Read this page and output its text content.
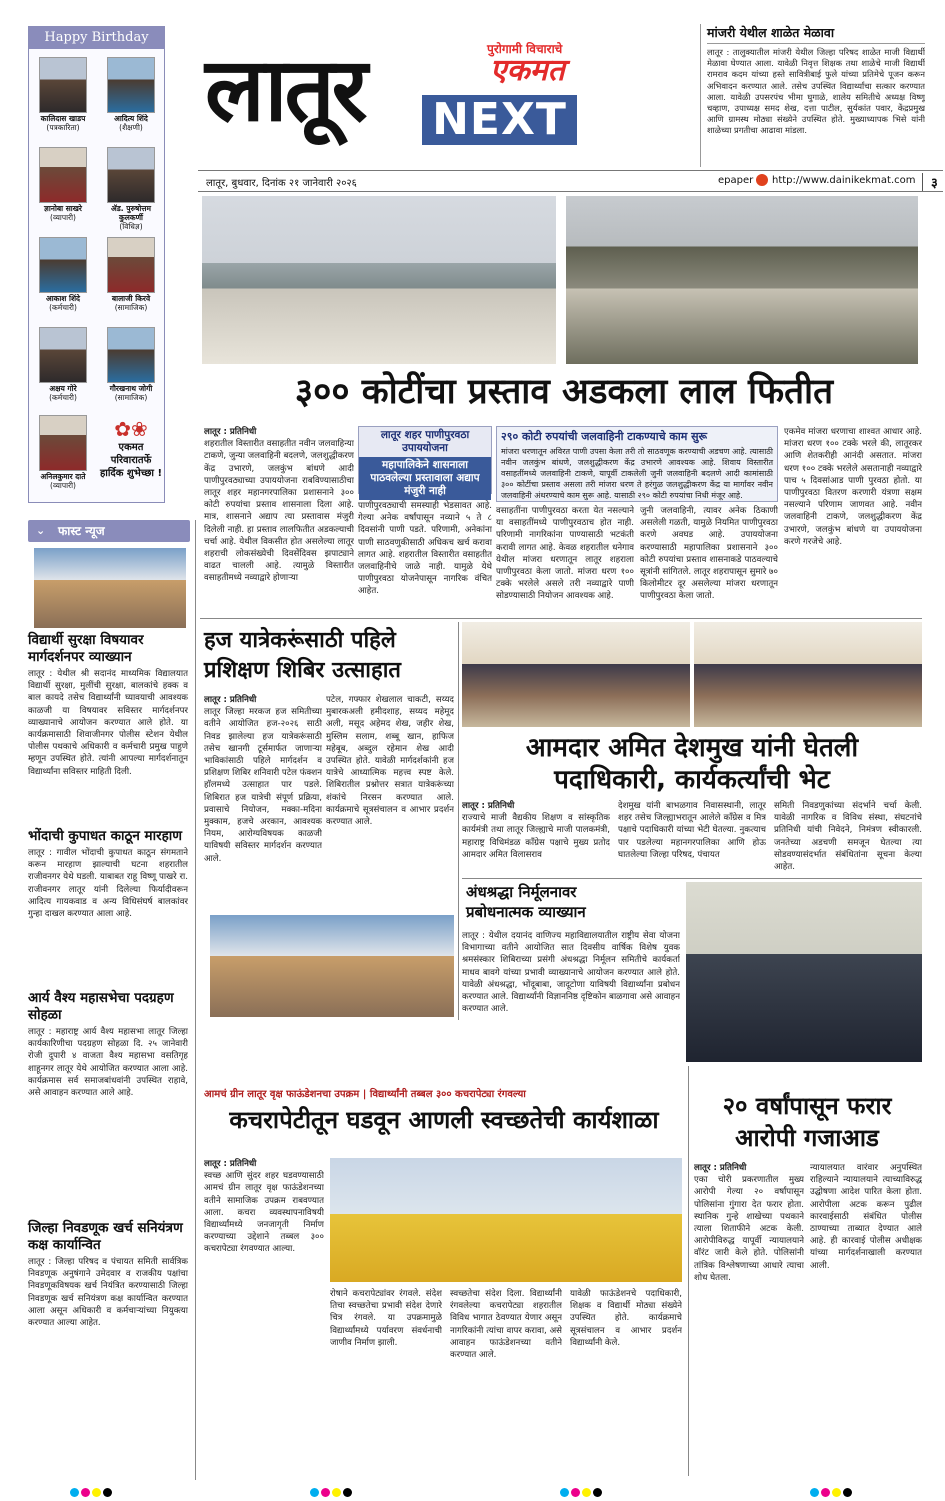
Happy Birthday
कालिदास खाडप
(पत्रकारिता)
आदित्य शिंदे
(शैक्षणी)
ज्ञानोबा साखरे
(व्यापारी)
ॲड. पुरुषोत्तम कुलकर्णी
(विधिज्ञ)
आकाश शिंदे
(कर्मचारी)
बालाजी किरवे
(सामाजिक)
अक्षय गोरे
(कर्मचारी)
गौरखनाथ जोगी
(सामाजिक)
अनिलकुमार दाते
(व्यापारी)
✿❀
एकमत
परिवारातर्फे
हार्दिक शुभेच्छा !
⌄ फास्ट न्यूज
विद्यार्थी सुरक्षा विषयावर मार्गदर्शनपर व्याख्यान
लातूर : येथील श्री सदानंद माध्यमिक विद्यालयात विद्यार्थी सुरक्षा, मुलींची सुरक्षा, बालकांचे हक्क व बाल कायदे तसेच विद्यार्थ्यांनी घ्यावयाची आवश्यक काळजी या विषयावर सविस्तर मार्गदर्शनपर व्याख्यानाचे आयोजन करण्यात आले होते. या कार्यक्रमासाठी शिवाजीनगर पोलीस स्टेशन येथील पोलीस पथकाचे अधिकारी व कर्मचारी प्रमुख पाहुणे म्हणून उपस्थित होते. त्यांनी आपल्या मार्गदर्शनातून विद्यार्थ्यांना सविस्तर माहिती दिली.
भोंदाची कुपाधत काठून मारहाण
लातूर : गावील भोंदाची कुपाधत काठून संगमताने करून मारहाण झाल्याची घटना शहरातील राजीवनगर येथे घडली. याबाबत राहू विष्णू पाखरे रा. राजीवनगर लातूर यांनी दिलेल्या फिर्यादीवरून आदित्य गायकवाड व अन्य विधिसंघर्ष बालकांवर गुन्हा दाखल करण्यात आला आहे.
आर्य वैश्य महासभेचा पदग्रहण सोहळा
लातूर : महाराष्ट्र आर्य वैश्य महासभा लातूर जिल्हा कार्यकारिणीचा पदग्रहण सोहळा दि. २५ जानेवारी रोजी दुपारी ४ वाजता वैश्य महासभा वसतिगृह शाहूनगर लातूर येथे आयोजित करण्यात आला आहे. कार्यक्रमास सर्व समाजबांधवांनी उपस्थित राहावे, असे आवाहन करण्यात आले आहे.
जिल्हा निवडणूक खर्च सनियंत्रण कक्ष कार्यान्वित
लातूर : जिल्हा परिषद व पंचायत समिती सार्वत्रिक निवडणूक अनुषंगाने उमेदवार व राजकीय पक्षांचा निवडणूकविषयक खर्च नियंत्रित करण्यासाठी जिल्हा निवडणूक खर्च सनियंत्रण कक्ष कार्यान्वित करण्यात आला असून अधिकारी व कर्मचाऱ्यांच्या नियुक्त्या करण्यात आल्या आहेत.
लातूर NEXT
पुरोगामी विचाराचे
एकमत
लातूर, बुधवार, दिनांक २१ जानेवारी २०२६	epaper http://www.dainikekmat.com	३
मांजरी येथील शाळेत मेळावा
लातूर : तालुक्यातील मांजरी येथील जिल्हा परिषद शाळेत माजी विद्यार्थी मेळावा घेण्यात आला. यावेळी निवृत्त शिक्षक तथा शाळेचे माजी विद्यार्थी रामराव कदम यांच्या हस्ते सावित्रीबाई फुले यांच्या प्रतिमेचे पूजन करून अभिवादन करण्यात आले. तसेच उपस्थित विद्यार्थ्यांचा सत्कार करण्यात आला. यावेळी उपसरपंच भीमा घुगाळे, शालेय समितीचे अध्यक्ष विष्णू चव्हाण, उपाध्यक्ष समद शेख, दत्ता पाटील, सुर्यकांत पवार, केंद्रप्रमुख आणि ग्रामस्थ मोठ्या संख्येने उपस्थित होते. मुख्याध्यापक भिसे यांनी शाळेच्या प्रगतीचा आढावा मांडला.
३०० कोटींचा प्रस्ताव अडकला लाल फितीत
लातूर : प्रतिनिधी
शहरातील विस्तारीत वसाहतीत नवीन जलवाहिन्या टाकणे, जुन्या जलवाहिनी बदलणे, जलशुद्धीकरण केंद्र उभारणे, जलकुंभ बांधणे आदी पाणीपुरवठ्याच्या उपाययोजना राबविण्यासाठीचा लातूर शहर महानगरपालिका प्रशासनाने ३०० कोटी रुपयांचा प्रस्ताव शासनाला दिला आहे. मात्र, शासनाने अद्याप त्या प्रस्तावास मंजुरी दिलेली नाही. हा प्रस्ताव लालफितीत अडकल्याची चर्चा आहे. येथील विकसीत होत असलेल्या लातूर शहराची लोकसंख्येची दिवसेंदिवस झपाट्याने वाढत चालली आहे. त्यामुळे विस्तारीत वसाहतीमध्ये नव्याद्वारे होणाऱ्या
लातूर शहर पाणीपुरवठा उपाययोजना
महापालिकेने शासनाला पाठवलेल्या प्रस्तावाला अद्याप मंजुरी नाही
पाणीपुरवठ्याची समस्याही भेडसावत आहे. गेल्या अनेक वर्षांपासून नव्याने ५ ते ८ दिवसांनी पाणी पडते. परिणामी, अनेकांना पाणी साठवणुकीसाठी अधिकच खर्च करावा लागत आहे. शहरातील विस्तारीत वसाहतीत जलवाहिनीचे जाळे नाही. यामुळे येथे पाणीपुरवठा योजनेपासून नागरिक वंचित आहेत.
२९० कोटी रुपयांची जलवाहिनी टाकण्याचे काम सुरू
मांजरा धरणातून अविरत पाणी उपसा केला तरी तो साठवणूक करण्याची अडचण आहे. त्यासाठी नवीन जलकुंभ बांधणे, जलशुद्धीकरण केंद्र उभारणे आवश्यक आहे. शिवाय विस्तारीत वसाहतींमध्ये जलवाहिनी टाकणे, यापूर्वी टाकलेली जुनी जलवाहिनी बदलणे आदी कामांसाठी ३०० कोटींचा प्रस्ताव असला तरी मांजरा धरण ते हरंगुळ जलशुद्धीकरण केंद्र या मार्गावर नवीन जलवाहिनी अंथरण्याचे काम सुरू आहे. यासाठी २९० कोटी रुपयांचा निधी मंजूर आहे.
वसाहतींना पाणीपुरवठा करता येत नसल्याने या वसाहतींमध्ये पाणीपुरवठाच होत नाही. परिणामी नागरिकांना पाण्यासाठी भटकंती करावी लागत आहे. केवळ शहरातील धनेगाव येथील मांजरा धरणातून लातूर शहराला पाणीपुरवठा केला जातो. मांजरा धरण १०० टक्के भरलेले असले तरी नव्याद्वारे पाणी सोडण्यासाठी नियोजन आवश्यक आहे.
जुनी जलवाहिनी, त्यावर अनेक ठिकाणी असलेली गळती, यामुळे नियमित पाणीपुरवठा करणे अवघड आहे. उपाययोजना करण्यासाठी महापालिका प्रशासनाने ३०० कोटी रुपयांचा प्रस्ताव शासनाकडे पाठवल्याचे सूत्रांनी सांगितले. लातूर शहरापासून सुमारे ७० किलोमीटर दूर असलेल्या मांजरा धरणातून पाणीपुरवठा केला जातो.
एकमेव मांजरा धरणाचा शाश्वत आधार आहे. मांजरा धरण १०० टक्के भरले की, लातूरकर आणि शेतकरीही आनंदी असतात. मांजरा धरण १०० टक्के भरलेले असतानाही नव्याद्वारे पाच ५ दिवसांआड पाणी पुरवठा होतो. या पाणीपुरवठा वितरण करणारी यंत्रणा सक्षम नसल्याने परिणाम जाणवत आहे. नवीन जलवाहिनी टाकणे, जलशुद्धीकरण केंद्र उभारणे, जलकुंभ बांधणे या उपाययोजना करणे गरजेचे आहे.
हज यात्रेकरूंसाठी पहिले
प्रशिक्षण शिबिर उत्साहात
लातूर : प्रतिनिधी
लातूर जिल्हा मरकज हज समितीच्या वतीने आयोजित हज-२०२६ साठी निवड झालेल्या हज यात्रेकरूंसाठी तसेच खानगी टूर्समार्फत जाणाऱ्या भाविकांसाठी पहिले मार्गदर्शन व प्रशिक्षण शिबिर शनिवारी पटेल फंक्शन हॉलमध्ये उत्साहात पार पडले. शिबिरात हज यात्रेची संपूर्ण प्रक्रिया, प्रवासाचे नियोजन, मक्का-मदिना मुक्काम, हजचे अरकान, आवश्यक नियम, आरोग्यविषयक काळजी याविषयी सविस्तर मार्गदर्शन करण्यात आले.
पटेल, गफ्फार शेखलाल चाकटी, सय्यद मुबारकअली हमीदशाह, सय्यद महेमूद अली, मसूद अहेमद शेख, जहीर शेख, मुस्लिम सलाम, शब्बू खान, हाफिज महेबूब, अब्दुल रहेमान शेख आदी उपस्थित होते. यावेळी मार्गदर्शकांनी हज यात्रेचे आध्यात्मिक महत्त्व स्पष्ट केले. शिबिरातील प्रश्नोत्तर सत्रात यात्रेकरूंच्या शंकांचे निरसन करण्यात आले. कार्यक्रमाचे सूत्रसंचालन व आभार प्रदर्शन करण्यात आले.
आमदार अमित देशमुख यांनी घेतली
पदाधिकारी, कार्यकर्त्यांची भेट
लातूर : प्रतिनिधी
राज्याचे माजी वैद्यकीय शिक्षण व सांस्कृतिक कार्यमंत्री तथा लातूर जिल्ह्याचे माजी पालकमंत्री, महाराष्ट्र विधिमंडळ काँग्रेस पक्षाचे मुख्य प्रतोद आमदार अमित विलासराव
देशमुख यांनी बाभळगाव निवासस्थानी, लातूर शहर तसेच जिल्ह्याभरातून आलेले काँग्रेस व मित्र पक्षाचे पदाधिकारी यांच्या भेटी घेतल्या. नुकत्याच पार पडलेल्या महानगरपालिका आणि होऊ घातलेल्या जिल्हा परिषद, पंचायत
समिती निवडणुकांच्या संदर्भाने चर्चा केली. यावेळी नागरिक व विविध संस्था, संघटनांचे प्रतिनिधी यांची निवेदने, निमंत्रण स्वीकारली. जनतेच्या अडचणी समजून घेतल्या त्या सोडवण्यासंदर्भात संबंधितांना सूचना केल्या आहेत.
अंधश्रद्धा निर्मूलनावर
प्रबोधनात्मक व्याख्यान
लातूर : येथील दयानंद वाणिज्य महाविद्यालयातील राष्ट्रीय सेवा योजना विभागाच्या वतीने आयोजित सात दिवसीय वार्षिक विशेष युवक श्रमसंस्कार शिबिराच्या प्रसंगी अंधश्रद्धा निर्मूलन समितीचे कार्यकर्ता माधव बावगे यांच्या प्रभावी व्याख्यानाचे आयोजन करण्यात आले होते. यावेळी अंधश्रद्धा, भोंदूबाबा, जादूटोणा याविषयी विद्यार्थ्यांना प्रबोधन करण्यात आले. विद्यार्थ्यांनी विज्ञाननिष्ठ दृष्टिकोन बाळगावा असे आवाहन करण्यात आले.
आमचं ग्रीन लातूर वृक्ष फाऊंडेशनचा उपक्रम | विद्यार्थ्यांनी तब्बल ३०० कचरापेट्या रंगवल्या
कचरापेटीतून घडवून आणली स्वच्छतेची कार्यशाळा
लातूर : प्रतिनिधी
स्वच्छ आणि सुंदर शहर घडवण्यासाठी आमचं ग्रीन लातूर वृक्ष फाऊंडेशनच्या वतीने सामाजिक उपक्रम राबवण्यात आला. कचरा व्यवस्थापनाविषयी विद्यार्थ्यांमध्ये जनजागृती निर्माण करण्याच्या उद्देशाने तब्बल ३०० कचरापेट्या रंगवण्यात आल्या.
रोषाने कचरापेट्यांवर रंगवले. संदेश तिचा स्वच्छतेचा प्रभावी संदेश देणारे चित्र रंगवले. या उपक्रमामुळे विद्यार्थ्यांमध्ये पर्यावरण संवर्धनाची जाणीव निर्माण झाली.
स्वच्छतेचा संदेश दिला. विद्यार्थ्यांनी रंगवलेल्या कचरापेट्या शहरातील विविध भागात ठेवण्यात येणार असून नागरिकांनी त्यांचा वापर करावा, असे आवाहन फाऊंडेशनच्या वतीने करण्यात आले.
यावेळी फाऊंडेशनचे पदाधिकारी, शिक्षक व विद्यार्थी मोठ्या संख्येने उपस्थित होते. कार्यक्रमाचे सूत्रसंचालन व आभार प्रदर्शन विद्यार्थ्यांनी केले.
२० वर्षांपासून फरार
आरोपी गजाआड
लातूर : प्रतिनिधी
एका चोरी प्रकरणातील मुख्य आरोपी गेल्या २० वर्षांपासून पोलिसांना गुंगारा देत फरार होता. स्थानिक गुन्हे शाखेच्या पथकाने त्याला शिताफीने अटक केली. आरोपीविरुद्ध यापूर्वी न्यायालयाने वॉरंट जारी केले होते. पोलिसांनी तांत्रिक विश्लेषणाच्या आधारे त्याचा शोध घेतला.
न्यायालयात वारंवार अनुपस्थित राहिल्याने न्यायालयाने त्याच्याविरुद्ध उद्घोषणा आदेश पारित केला होता. आरोपीला अटक करून पुढील कारवाईसाठी संबंधित पोलीस ठाण्याच्या ताब्यात देण्यात आले आहे. ही कारवाई पोलीस अधीक्षक यांच्या मार्गदर्शनाखाली करण्यात आली.
